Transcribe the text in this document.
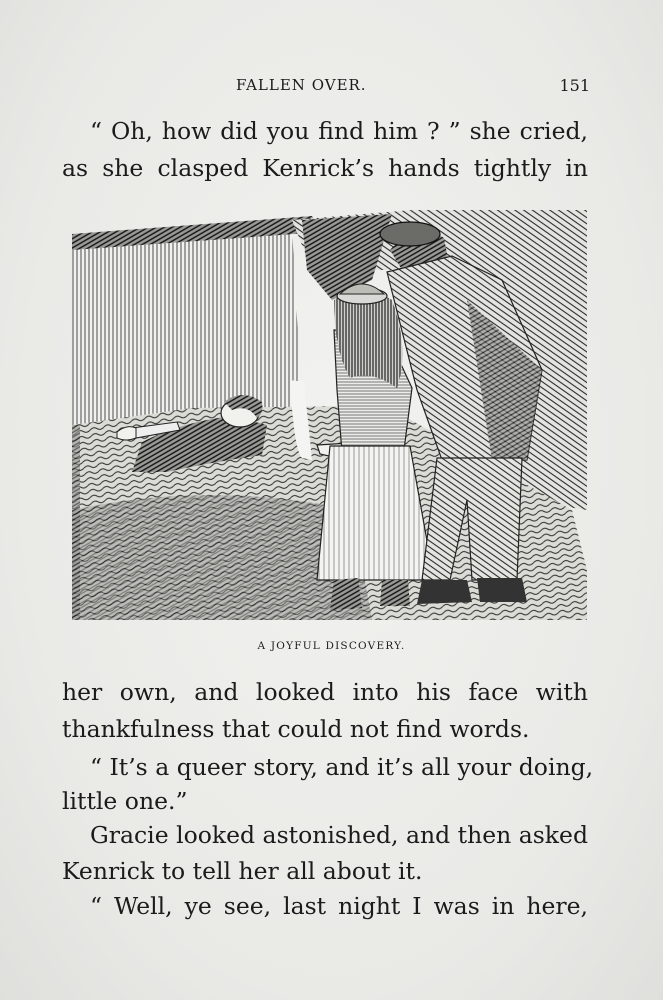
FALLEN OVER.	151
“ Oh, how did you find him ? ” she cried,
as she clasped Kenrick’s hands tightly in
A JOYFUL DISCOVERY.
her own, and looked into his face with
thankfulness that could not find words.
“ It’s a queer story, and it’s all your doing,
little one.”
Gracie looked astonished, and then asked
Kenrick to tell her all about it.
“ Well, ye see, last night I was in here,
